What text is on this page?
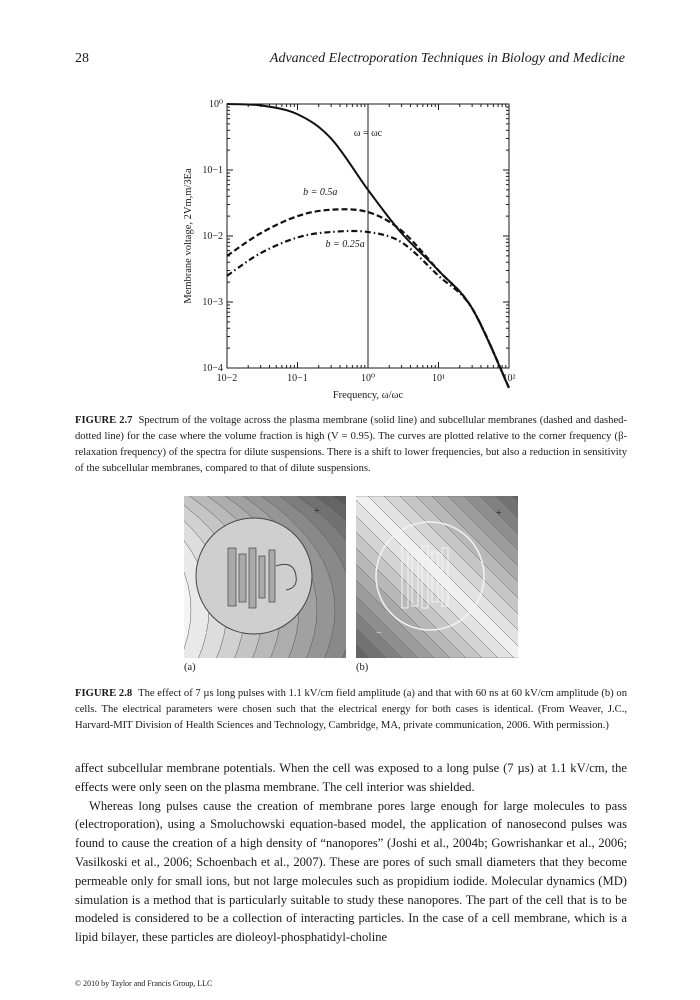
28	Advanced Electroporation Techniques in Biology and Medicine
10−2	10−1	10⁰	10¹	10²
10⁰
10−1
10−2
10−3
10−4
Frequency, ω/ωc
Membrane voltage, 2Vm,m/3Ea
ω = ωc
b = 0.5a
b = 0.25a
FIGURE 2.7 Spectrum of the voltage across the plasma membrane (solid line) and subcellular membranes (dashed and dashed-dotted line) for the case where the volume fraction is high (V = 0.95). The curves are plotted relative to the corner frequency (β-relaxation frequency) of the spectra for dilute suspensions. There is a shift to lower frequencies, but also a reduction in sensitivity of the subcellular membranes, compared to that of dilute suspensions.
+
−
+
−
(a)	(b)
FIGURE 2.8 The effect of 7 µs long pulses with 1.1 kV/cm field amplitude (a) and that with 60 ns at 60 kV/cm amplitude (b) on cells. The electrical parameters were chosen such that the electrical energy for both cases is identical. (From Weaver, J.C., Harvard-MIT Division of Health Sciences and Technology, Cambridge, MA, private communication, 2006. With permission.)

affect subcellular membrane potentials. When the cell was exposed to a long pulse (7 µs) at 1.1 kV/cm, the effects were only seen on the plasma membrane. The cell interior was shielded.

Whereas long pulses cause the creation of membrane pores large enough for large molecules to pass (electroporation), using a Smoluchowski equation-based model, the application of nanosecond pulses was found to cause the creation of a high density of “nanopores” (Joshi et al., 2004b; Gowrishankar et al., 2006; Vasilkoski et al., 2006; Schoenbach et al., 2007). These are pores of such small diameters that they become permeable only for small ions, but not large molecules such as propidium iodide. Molecular dynamics (MD) simulation is a method that is particularly suitable to study these nanopores. The part of the cell that is to be modeled is considered to be a collection of interacting particles. In the case of a cell membrane, which is a lipid bilayer, these particles are dioleoyl-phosphatidyl-choline

© 2010 by Taylor and Francis Group, LLC
